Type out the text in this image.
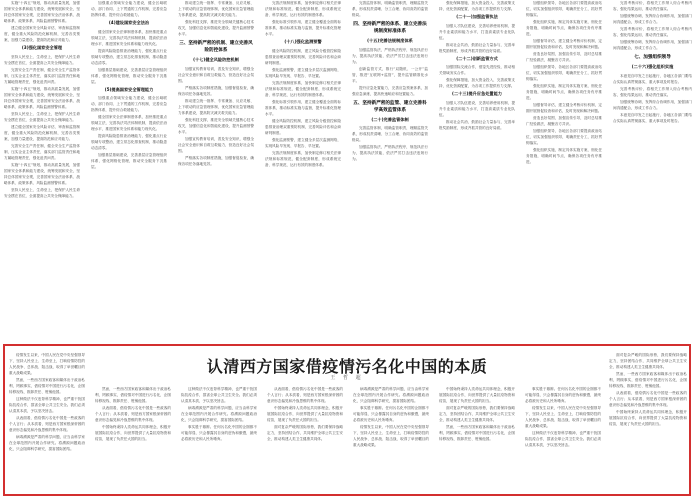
实施“十四五”规划，推动高质量发展，加强国家安全体系和能力建设，统筹发展和安全，坚持总体国家安全观，完善国家安全法治体系、战略体系、政策体系、风险监测预警体系。

建立健全国家安全风险评估、审查和监管制度，健全重大风险防范化解机制，完善各类预案，加强力量建设，提高防范和应对能力。

(3)强化国家安全管理

坚持人民至上、生命至上，把保护人民生命安全摆在首位，全面提高公共安全保障能力。

完善安全生产责任制，健全安全生产监管体制，压实企业主体责任，落实部门监管责任和地方属地管理责任，强化追责问责。

实施“十四五”规划，推动高质量发展，加强国家安全体系和能力建设，统筹发展和安全，坚持总体国家安全观，完善国家安全法治体系、战略体系、政策体系、风险监测预警体系。

坚持人民至上、生命至上，把保护人民生命安全摆在首位，全面提高公共安全保障能力。

建立健全国家安全风险评估、审查和监管制度，健全重大风险防范化解机制，完善各类预案，加强力量建设，提高防范和应对能力。

完善安全生产责任制，健全安全生产监管体制，压实企业主体责任，落实部门监管责任和地方属地管理责任，强化追责问责。

实施“十四五”规划，推动高质量发展，加强国家安全体系和能力建设，统筹发展和安全，坚持总体国家安全观，完善国家安全法治体系、战略体系、政策体系、风险监测预警体系。

坚持人民至上、生命至上，把保护人民生命安全摆在首位，全面提高公共安全保障能力。

加强重点领域安全能力建设，健全区域联动、部门协同、上下贯通的工作机制，完善应急指挥体系，提升综合救援能力。

(4)建设国家安全法治

健全国家安全法律制度体系，加快推进重点领域立法，完善执法司法体制机制，提高依法治理水平，推进国家安全体系和能力现代化。

提高风险隐患排查治理能力，强化重点行业领域专项整治，建立常态化排查机制，推动隐患动态清零。

加强基层基础建设，完善基层应急管理组织体系，强化网格化管理，推动安全服务下沉基层。

(5)提高国家安全管理能力

加强重点领域安全能力建设，健全区域联动、部门协同、上下贯通的工作机制，完善应急指挥体系，提升综合救援能力。

健全国家安全法律制度体系，加快推进重点领域立法，完善执法司法体制机制，提高依法治理水平，推进国家安全体系和能力现代化。

提高风险隐患排查治理能力，强化重点行业领域专项整治，建立常态化排查机制，推动隐患动态清零。

加强基层基础建设，完善基层应急管理组织体系，强化网格化管理，推动安全服务下沉基层。

推动建立统一指挥、专常兼备、反应灵敏、上下联动的应急管理体制，优化国家应急管理能力体系建设，提高防灾减灾救灾能力。

强化科技支撑，推进安全领域关键核心技术攻关，加强信息化和智能化建设，提升监测预警水平。

三、坚持新严密的机制、建立完善风险防控体系

(十七)健全风险防控机制

加强宣传教育培训，普及安全知识，增强全社会安全意识和自救互救能力，营造良好社会氛围。

严格落实各项制度措施，加强督促检查，确保各项任务落地见效。

推动建立统一指挥、专常兼备、反应灵敏、上下联动的应急管理体制，优化国家应急管理能力体系建设，提高防灾减灾救灾能力。

强化科技支撑，推进安全领域关键核心技术攻关，加强信息化和智能化建设，提升监测预警水平。

加强宣传教育培训，普及安全知识，增强全社会安全意识和自救互救能力，营造良好社会氛围。

严格落实各项制度措施，加强督促检查，确保各项任务落地见效。

完善法规制度体系，加快制定修订相关法律法规和标准规范，健全配套制度，形成系统完备、科学规范、运行有效的制度体系。

强化标准引领作用，建立健全覆盖全面的标准体系，推动标准实施与监督，提升标准化管理水平。

(十八)强化监测预警

健全风险防控机制，建立风险分级管控和隐患排查治理双重预防机制，完善风险评估和会商研判制度。

强化监测预警，建立健全多层次监测网络，实现风险早发现、早报告、早处置。

完善法规制度体系，加快制定修订相关法律法规和标准规范，健全配套制度，形成系统完备、科学规范、运行有效的制度体系。

强化标准引领作用，建立健全覆盖全面的标准体系，推动标准实施与监督，提升标准化管理水平。

健全风险防控机制，建立风险分级管控和隐患排查治理双重预防机制，完善风险评估和会商研判制度。

强化监测预警，建立健全多层次监测网络，实现风险早发现、早报告、早处置。

完善法规制度体系，加快制定修订相关法律法规和标准规范，健全配套制度，形成系统完备、科学规范、运行有效的制度体系。

完善监管体制，明确监管职责，理顺监管关系，形成权责清晰、分工合理、协同高效的监管格局。

四、坚持新严密的体系、建立完善法规制度标准体系

(十五)完善法规制度体系

加强监管执法，严格执法程序，规范执法行为，提高执法效能，依法严厉打击违法违规行为。

创新监管方式，推行“双随机、一公开”监管，推进“互联网+监管”，提升监管精准化水平。

提升应急处置能力，完善应急预案体系，加强应急演练，提高快速响应和处置能力。

五、坚持新严密的监管、建立完善科学高效监管体系

(二十)完善监管体制

完善监管体制，明确监管职责，理顺监管关系，形成权责清晰、分工合理、协同高效的监管格局。

加强监管执法，严格执法程序，规范执法行为，提高执法效能，依法严厉打击违法违规行为。

强化保障措施，加大资金投入，完善政策支持，优化资源配置，为各项工作提供有力支撑。

(二十一)加强监管执法

加强人才队伍建设，完善培养使用机制，提升专业素质和能力水平，打造高素质专业化队伍。

推动社会共治，鼓励社会力量参与，完善举报奖励制度，形成齐抓共管的良好局面。

(二十二)创新监管方式

加强国际交流合作，借鉴先进经验，推动相关领域务实合作。

强化保障措施，加大资金投入，完善政策支持，优化资源配置，为各项工作提供有力支撑。

(二十三)提升应急处置能力

加强人才队伍建设，完善培养使用机制，提升专业素质和能力水平，打造高素质专业化队伍。

推动社会共治，鼓励社会力量参与，完善举报奖励制度，形成齐抓共管的良好局面。

加强组织领导，各地区各部门要提高政治站位，切实加强组织领导，明确责任分工，抓好贯彻落实。

强化组织实施，制定具体实施方案，细化任务措施，明确时间节点，确保各项任务有序推进。

加强督导评估，建立健全考核评价机制，定期开展督促检查和评估，及时发现和解决问题。

营造良好氛围，加强宣传引导，及时总结推广经验做法，凝聚各方共识。

加强组织领导，各地区各部门要提高政治站位，切实加强组织领导，明确责任分工，抓好贯彻落实。

强化组织实施，制定具体实施方案，细化任务措施，明确时间节点，确保各项任务有序推进。

加强督导评估，建立健全考核评价机制，定期开展督促检查和评估，及时发现和解决问题。

营造良好氛围，加强宣传引导，及时总结推广经验做法，凝聚各方共识。

加强组织领导，各地区各部门要提高政治站位，切实加强组织领导，明确责任分工，抓好贯彻落实。

强化组织实施，制定具体实施方案，细化任务措施，明确时间节点，确保各项任务有序推进。

完善考核评价，将相关工作纳入综合考核内容，强化结果运用，推动责任落实。

加强统筹协调，发挥综合协调作用，加强部门间沟通配合，形成工作合力。

完善考核评价，将相关工作纳入综合考核内容，强化结果运用，推动责任落实。

加强统筹协调，发挥综合协调作用，加强部门间沟通配合，形成工作合力。

七、加强组织领导

(二十六)强化组织实施

本意见自印发之日起施行，各地区各部门要结合实际认真贯彻落实，重大事项及时报告。

完善考核评价，将相关工作纳入综合考核内容，强化结果运用，推动责任落实。

加强统筹协调，发挥综合协调作用，加强部门间沟通配合，形成工作合力。

本意见自印发之日起施行，各地区各部门要结合实际认真贯彻落实，重大事项及时报告。

认清西方国家借疫情污名化中国的本质
王 哲 超

疫情发生以来，中国人民在党中央坚强领导下，坚持人民至上、生命至上，打响疫情防控的人民战争、总体战、阻击战，取得了举世瞩目的重大战略成果。

然而，一些西方国家政客和媒体出于政治私利，罔顾事实，借疫情对中国进行污名化，企图转移视线、推卸责任、甩锅他国。

这种做法不仅违背科学精神，也严重干扰国际抗疫合作，损害全球公共卫生安全。我们必须认清其本质，予以坚决回击。

从表面看，借疫情污名化中国是一些政客的个人言行；从本质看，则是西方国家根深蒂固的意识形态偏见和冷战思维的集中体现。

病毒溯源是严肃的科学问题，应当由科学家在全球范围内开展合作研究。将溯源问题政治化，只会阻碍科学研究，损害国际团结。

然而，一些西方国家政客和媒体出于政治私利，罔顾事实，借疫情对中国进行污名化，企图转移视线、推卸责任、甩锅他国。

从表面看，借疫情污名化中国是一些政客的个人言行；从本质看，则是西方国家根深蒂固的意识形态偏见和冷战思维的集中体现。

中国始终秉持人类命运共同体理念，积极开展国际抗疫合作，向世界提供了大量抗疫物资和疫苗，展现了负责任大国的担当。

这种做法不仅违背科学精神，也严重干扰国际抗疫合作，损害全球公共卫生安全。我们必须认清其本质，予以坚决回击。

病毒溯源是严肃的科学问题，应当由科学家在全球范围内开展合作研究。将溯源问题政治化，只会阻碍科学研究，损害国际团结。

事实胜于雄辩。任何污名化中国的企图都不可能得逞，只会暴露其自身的虚伪和傲慢，最终必将被历史和人民所唾弃。

从表面看，借疫情污名化中国是一些政客的个人言行；从本质看，则是西方国家根深蒂固的意识形态偏见和冷战思维的集中体现。

中国始终秉持人类命运共同体理念，积极开展国际抗疫合作，向世界提供了大量抗疫物资和疫苗，展现了负责任大国的担当。

面对复杂严峻的国际形势，我们要保持战略定力，坚持团结合作，共同维护全球公共卫生安全，推动构建人类卫生健康共同体。

病毒溯源是严肃的科学问题，应当由科学家在全球范围内开展合作研究。将溯源问题政治化，只会阻碍科学研究，损害国际团结。

事实胜于雄辩。任何污名化中国的企图都不可能得逞，只会暴露其自身的虚伪和傲慢，最终必将被历史和人民所唾弃。

疫情发生以来，中国人民在党中央坚强领导下，坚持人民至上、生命至上，打响疫情防控的人民战争、总体战、阻击战，取得了举世瞩目的重大战略成果。

中国始终秉持人类命运共同体理念，积极开展国际抗疫合作，向世界提供了大量抗疫物资和疫苗，展现了负责任大国的担当。

面对复杂严峻的国际形势，我们要保持战略定力，坚持团结合作，共同维护全球公共卫生安全，推动构建人类卫生健康共同体。

然而，一些西方国家政客和媒体出于政治私利，罔顾事实，借疫情对中国进行污名化，企图转移视线、推卸责任、甩锅他国。

事实胜于雄辩。任何污名化中国的企图都不可能得逞，只会暴露其自身的虚伪和傲慢，最终必将被历史和人民所唾弃。

疫情发生以来，中国人民在党中央坚强领导下，坚持人民至上、生命至上，打响疫情防控的人民战争、总体战、阻击战，取得了举世瞩目的重大战略成果。

这种做法不仅违背科学精神，也严重干扰国际抗疫合作，损害全球公共卫生安全。我们必须认清其本质，予以坚决回击。

面对复杂严峻的国际形势，我们要保持战略定力，坚持团结合作，共同维护全球公共卫生安全，推动构建人类卫生健康共同体。

然而，一些西方国家政客和媒体出于政治私利，罔顾事实，借疫情对中国进行污名化，企图转移视线、推卸责任、甩锅他国。

从表面看，借疫情污名化中国是一些政客的个人言行；从本质看，则是西方国家根深蒂固的意识形态偏见和冷战思维的集中体现。

中国始终秉持人类命运共同体理念，积极开展国际抗疫合作，向世界提供了大量抗疫物资和疫苗，展现了负责任大国的担当。
